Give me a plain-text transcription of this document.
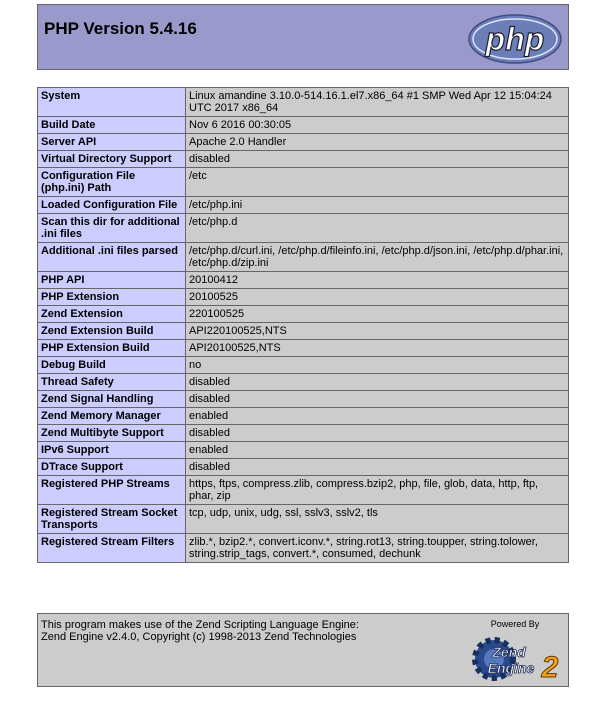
PHP Version 5.4.16	php
System	Linux amandine 3.10.0-514.16.1.el7.x86_64 #1 SMP Wed Apr 12 15:04:24 UTC 2017 x86_64
Build Date	Nov 6 2016 00:30:05
Server API	Apache 2.0 Handler
Virtual Directory Support	disabled
Configuration File (php.ini) Path	/etc
Loaded Configuration File	/etc/php.ini
Scan this dir for additional .ini files	/etc/php.d
Additional .ini files parsed	/etc/php.d/curl.ini, /etc/php.d/fileinfo.ini, /etc/php.d/json.ini, /etc/php.d/phar.ini, /etc/php.d/zip.ini
PHP API	20100412
PHP Extension	20100525
Zend Extension	220100525
Zend Extension Build	API220100525,NTS
PHP Extension Build	API20100525,NTS
Debug Build	no
Thread Safety	disabled
Zend Signal Handling	disabled
Zend Memory Manager	enabled
Zend Multibyte Support	disabled
IPv6 Support	enabled
DTrace Support	disabled
Registered PHP Streams	https, ftps, compress.zlib, compress.bzip2, php, file, glob, data, http, ftp, phar, zip
Registered Stream Socket Transports	tcp, udp, unix, udg, ssl, sslv3, sslv2, tls
Registered Stream Filters	zlib.*, bzip2.*, convert.iconv.*, string.rot13, string.toupper, string.tolower, string.strip_tags, convert.*, consumed, dechunk
This program makes use of the Zend Scripting Language Engine:
Zend Engine v2.4.0, Copyright (c) 1998-2013 Zend Technologies
Powered By
Zend
Engine 2
